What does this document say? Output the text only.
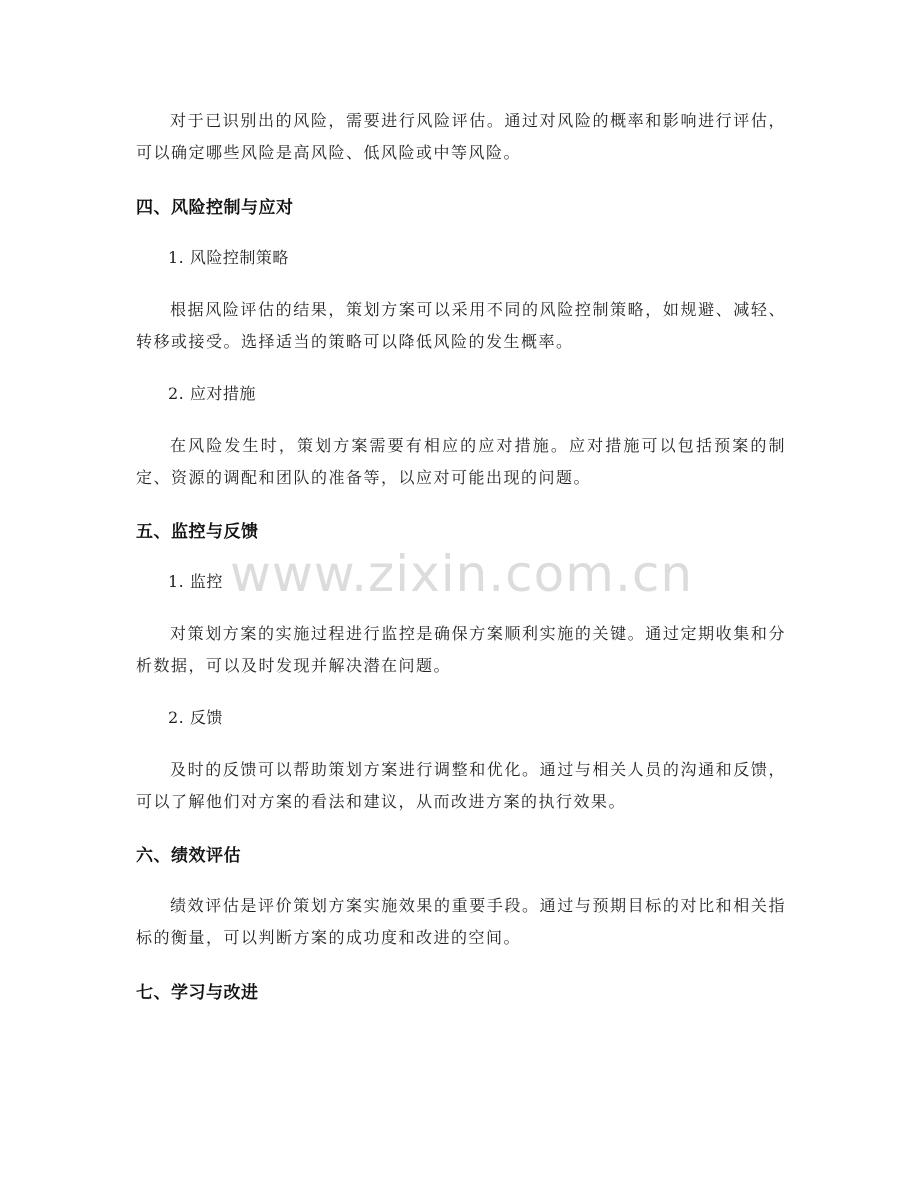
www.zixin.com.cn

对于已识别出的风险，需要进行风险评估。通过对风险的概率和影响进行评估，可以确定哪些风险是高风险、低风险或中等风险。

四、风险控制与应对

1. 风险控制策略

根据风险评估的结果，策划方案可以采用不同的风险控制策略，如规避、减轻、转移或接受。选择适当的策略可以降低风险的发生概率。

2. 应对措施

在风险发生时，策划方案需要有相应的应对措施。应对措施可以包括预案的制定、资源的调配和团队的准备等，以应对可能出现的问题。

五、监控与反馈

1. 监控

对策划方案的实施过程进行监控是确保方案顺利实施的关键。通过定期收集和分析数据，可以及时发现并解决潜在问题。

2. 反馈

及时的反馈可以帮助策划方案进行调整和优化。通过与相关人员的沟通和反馈，可以了解他们对方案的看法和建议，从而改进方案的执行效果。

六、绩效评估

绩效评估是评价策划方案实施效果的重要手段。通过与预期目标的对比和相关指标的衡量，可以判断方案的成功度和改进的空间。

七、学习与改进
